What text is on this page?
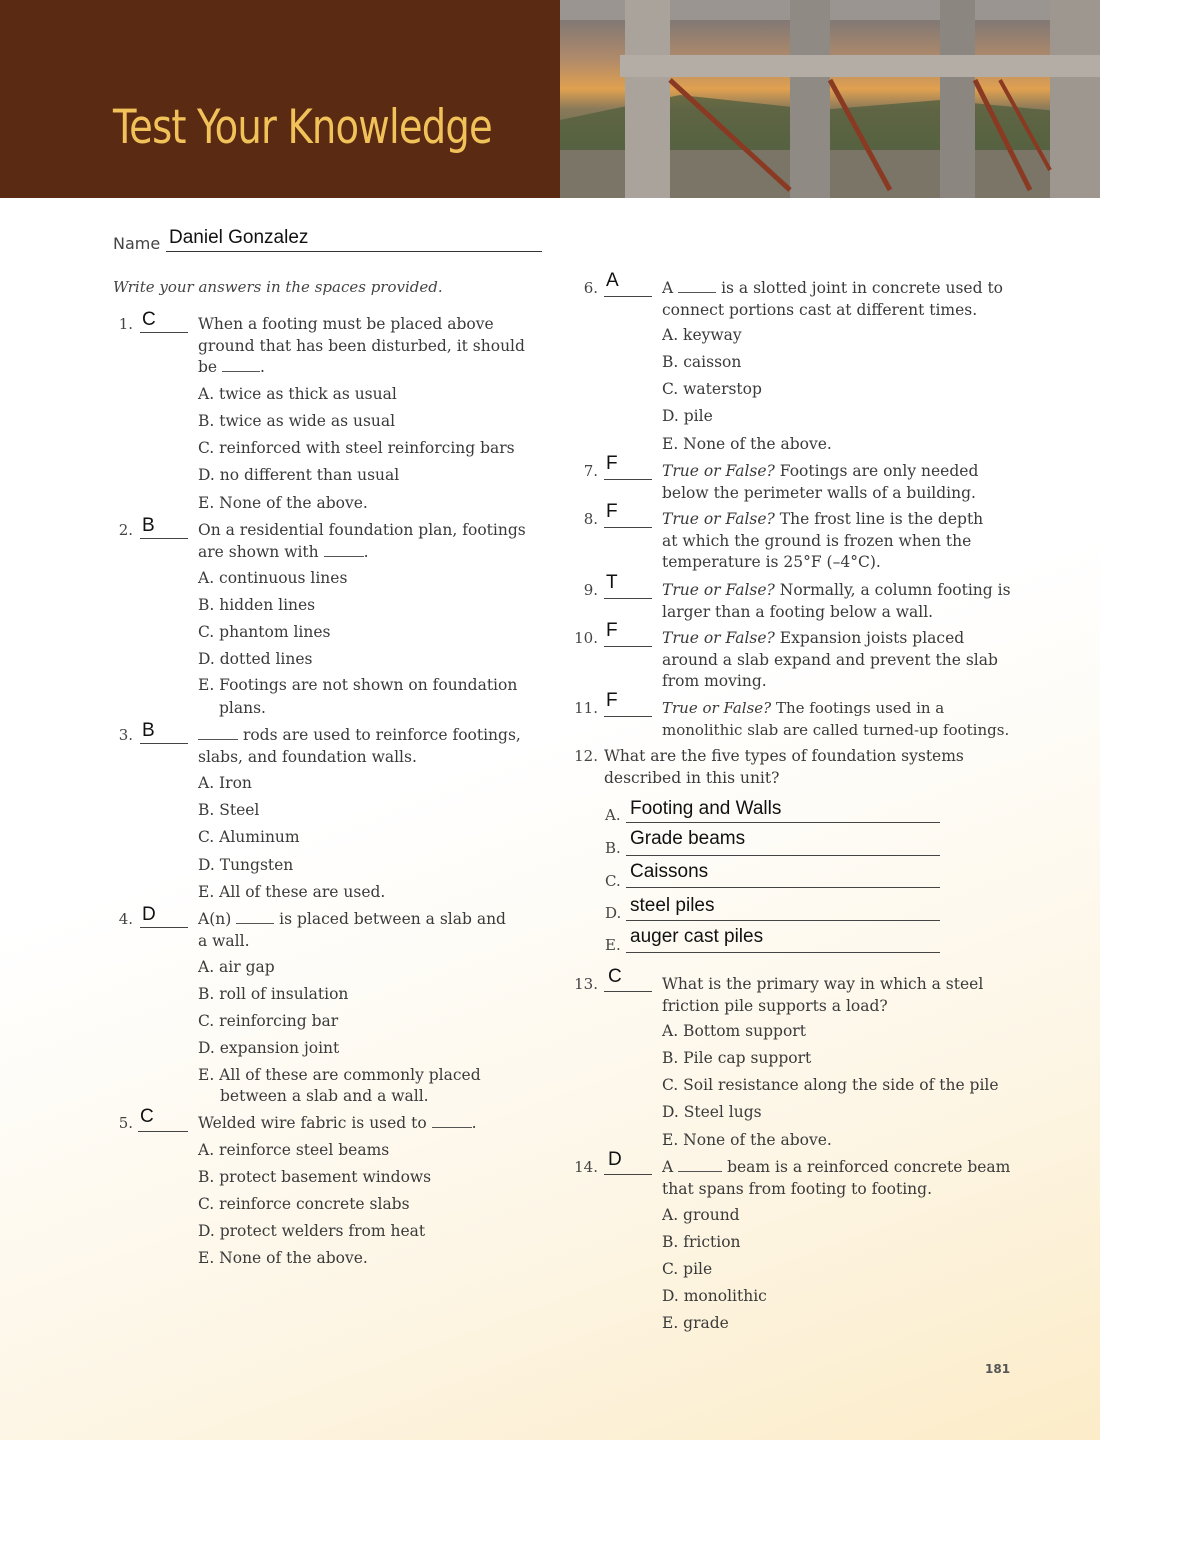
Test Your Knowledge
Name Daniel Gonzalez
Write your answers in the spaces provided.
1. C	When a footing must be placed above
ground that has been disturbed, it should
be	.
A. twice as thick as usual
B. twice as wide as usual
C. reinforced with steel reinforcing bars
D. no different than usual
E. None of the above.
2. B	On a residential foundation plan, footings
are shown with	.
A. continuous lines
B. hidden lines
C. phantom lines
D. dotted lines
E. Footings are not shown on foundation
plans.
3. B	rods are used to reinforce footings,
slabs, and foundation walls.
A. Iron
B. Steel
C. Aluminum
D. Tungsten
E. All of these are used.
4. D	A(n)	is placed between a slab and
a wall.
A. air gap
B. roll of insulation
C. reinforcing bar
D. expansion joint
E. All of these are commonly placed
between a slab and a wall.
5. C	Welded wire fabric is used to	.
A. reinforce steel beams
B. protect basement windows
C. reinforce concrete slabs
D. protect welders from heat
E. None of the above.
6. A	A	is a slotted joint in concrete used to
connect portions cast at different times.
A. keyway
B. caisson
C. waterstop
D. pile
E. None of the above.
7. F	True or False? Footings are only needed
below the perimeter walls of a building.
8. F	True or False? The frost line is the depth
at which the ground is frozen when the
temperature is 25°F (–4°C).
9. T	True or False? Normally, a column footing is
larger than a footing below a wall.
10. F	True or False? Expansion joists placed
around a slab expand and prevent the slab
from moving.
11. F	True or False? The footings used in a
monolithic slab are called turned-up footings.
12. What are the five types of foundation systems
described in this unit?
A. Footing and Walls
B. Grade beams
C. Caissons
D. steel piles
E. auger cast piles
13. C	What is the primary way in which a steel
friction pile supports a load?
A. Bottom support
B. Pile cap support
C. Soil resistance along the side of the pile
D. Steel lugs
E. None of the above.
14. D	A	beam is a reinforced concrete beam
that spans from footing to footing.
A. ground
B. friction
C. pile
D. monolithic
E. grade
181
